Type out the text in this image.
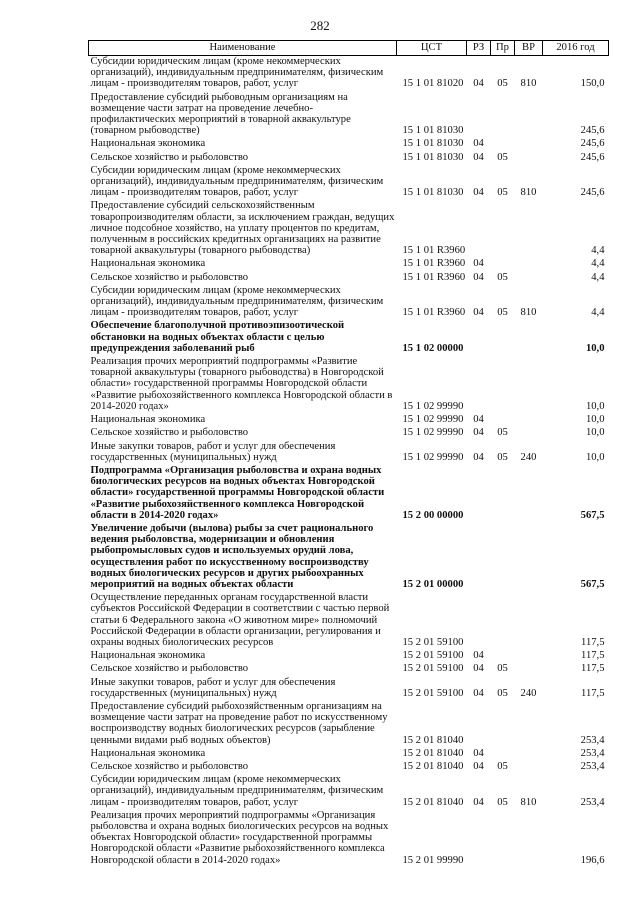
282
Наименование	ЦСТ	РЗ	Пр	ВР	2016 год
Субсидии юридическим лицам (кроме некоммерческих организаций), индивидуальным предпринимателям, физическим лицам - производителям товаров, работ, услуг	15 1 01 81020	04	05	810	150,0
Предоставление субсидий рыбоводным организациям на возмещение части затрат на проведение лечебно-профилактических мероприятий в товарной аквакультуре (товарном рыбоводстве)	15 1 01 81030				245,6
Национальная экономика	15 1 01 81030	04			245,6
Сельское хозяйство и рыболовство	15 1 01 81030	04	05		245,6
Субсидии юридическим лицам (кроме некоммерческих организаций), индивидуальным предпринимателям, физическим лицам - производителям товаров, работ, услуг	15 1 01 81030	04	05	810	245,6
Предоставление субсидий сельскохозяйственным товаропроизводителям области, за исключением граждан, ведущих личное подсобное хозяйство, на уплату процентов по кредитам, полученным в российских кредитных организациях на развитие товарной аквакультуры (товарного рыбоводства)	15 1 01 R3960				4,4
Национальная экономика	15 1 01 R3960	04			4,4
Сельское хозяйство и рыболовство	15 1 01 R3960	04	05		4,4
Субсидии юридическим лицам (кроме некоммерческих организаций), индивидуальным предпринимателям, физическим лицам - производителям товаров, работ, услуг	15 1 01 R3960	04	05	810	4,4
Обеспечение благополучной противоэпизоотической обстановки на водных объектах области с целью предупреждения заболеваний рыб	15 1 02 00000				10,0
Реализация прочих мероприятий подпрограммы «Развитие товарной аквакультуры (товарного рыбоводства) в Новгородской области» государственной программы Новгородской области «Развитие рыбохозяйственного комплекса Новгородской области в 2014-2020 годах»	15 1 02 99990				10,0
Национальная экономика	15 1 02 99990	04			10,0
Сельское хозяйство и рыболовство	15 1 02 99990	04	05		10,0
Иные закупки товаров, работ и услуг для обеспечения государственных (муниципальных) нужд	15 1 02 99990	04	05	240	10,0
Подпрограмма «Организация рыболовства и охрана водных биологических ресурсов на водных объектах Новгородской области» государственной программы Новгородской области «Развитие рыбохозяйственного комплекса Новгородской области в 2014-2020 годах»	15 2 00 00000				567,5
Увеличение добычи (вылова) рыбы за счет рационального ведения рыболовства, модернизации и обновления рыбопромысловых судов и используемых орудий лова, осуществления работ по искусственному воспроизводству водных биологических ресурсов и других рыбоохранных мероприятий на водных объектах области	15 2 01 00000				567,5
Осуществление переданных органам государственной власти субъектов Российской Федерации в соответствии с частью первой статьи 6 Федерального закона «О животном мире» полномочий Российской Федерации в области организации, регулирования и охраны водных биологических ресурсов	15 2 01 59100				117,5
Национальная экономика	15 2 01 59100	04			117,5
Сельское хозяйство и рыболовство	15 2 01 59100	04	05		117,5
Иные закупки товаров, работ и услуг для обеспечения государственных (муниципальных) нужд	15 2 01 59100	04	05	240	117,5
Предоставление субсидий рыбохозяйственным организациям на возмещение части затрат на проведение работ по искусственному воспроизводству водных биологических ресурсов (зарыбление ценными видами рыб водных объектов)	15 2 01 81040				253,4
Национальная экономика	15 2 01 81040	04			253,4
Сельское хозяйство и рыболовство	15 2 01 81040	04	05		253,4
Субсидии юридическим лицам (кроме некоммерческих организаций), индивидуальным предпринимателям, физическим лицам - производителям товаров, работ, услуг	15 2 01 81040	04	05	810	253,4
Реализация прочих мероприятий подпрограммы «Организация рыболовства и охрана водных биологических ресурсов на водных объектах Новгородской области» государственной программы Новгородской области «Развитие рыбохозяйственного комплекса Новгородской области в 2014-2020 годах»	15 2 01 99990				196,6
